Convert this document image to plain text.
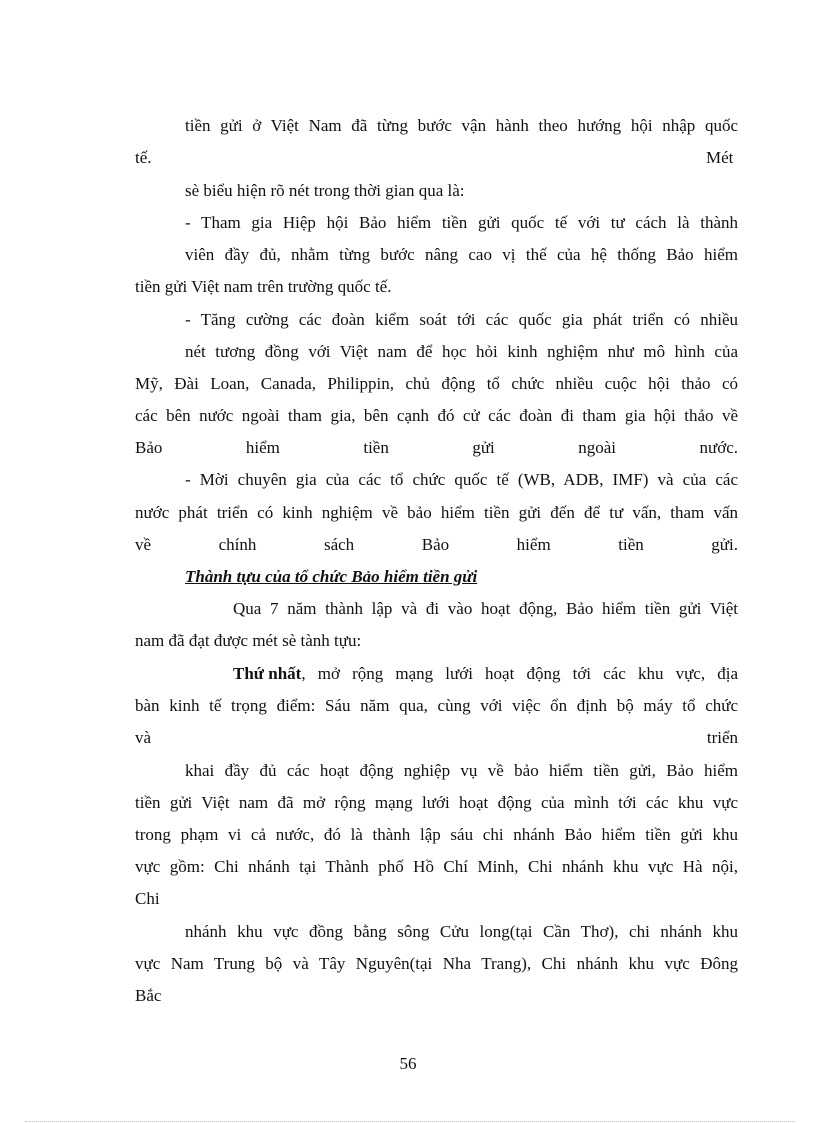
tiền gửi ở Việt Nam đã từng bước vận hành theo hướng hội nhập quốc
tế.	Mét
sè biểu hiện rõ nét trong thời gian qua là:
- Tham gia Hiệp hội Bảo hiểm tiền gửi quốc tế với tư cách là thành
viên đầy đủ, nhằm từng bước nâng cao vị thế của hệ thống Bảo hiểm
tiền gửi Việt nam trên trường quốc tế.
- Tăng cường các đoàn kiểm soát tới các quốc gia phát triển có nhiều
nét tương đồng với Việt nam để học hỏi kinh nghiệm như mô hình của
Mỹ, Đài Loan, Canada, Philippin, chủ động tổ chức nhiều cuộc hội thảo có
các bên nước ngoài tham gia, bên cạnh đó cử các đoàn đi tham gia hội thảo về
Bảo hiểm tiền gửi ngoài nước.
- Mời chuyên gia của các tổ chức quốc tế (WB, ADB, IMF) và của các
nước phát triển có kinh nghiệm về bảo hiểm tiền gửi đến để tư vấn, tham vấn
về chính sách Bảo hiểm tiền gửi.
Thành tựu của tổ chức Bảo hiểm tiền gửi
Qua 7 năm thành lập và đi vào hoạt động, Bảo hiểm tiền gửi Việt
nam đã đạt được mét sè tành tựu:
Thứ nhất , mở rộng mạng lưới hoạt động tới các khu vực, địa
bàn kinh tế trọng điểm: Sáu năm qua, cùng với việc ổn định bộ máy tổ chức
và triển
khai đầy đủ các hoạt động nghiệp vụ về bảo hiểm tiền gửi, Bảo hiểm
tiền gửi Việt nam đã mở rộng mạng lưới hoạt động của mình tới các khu vực
trong phạm vi cả nước, đó là thành lập sáu chi nhánh Bảo hiểm tiền gửi khu
vực gồm: Chi nhánh tại Thành phố Hồ Chí Minh, Chi nhánh khu vực Hà nội,
Chi
nhánh khu vực đồng bằng sông Cửu long(tại Cần Thơ), chi nhánh khu
vực Nam Trung bộ và Tây Nguyên(tại Nha Trang), Chi nhánh khu vực Đông
Bắc
56
